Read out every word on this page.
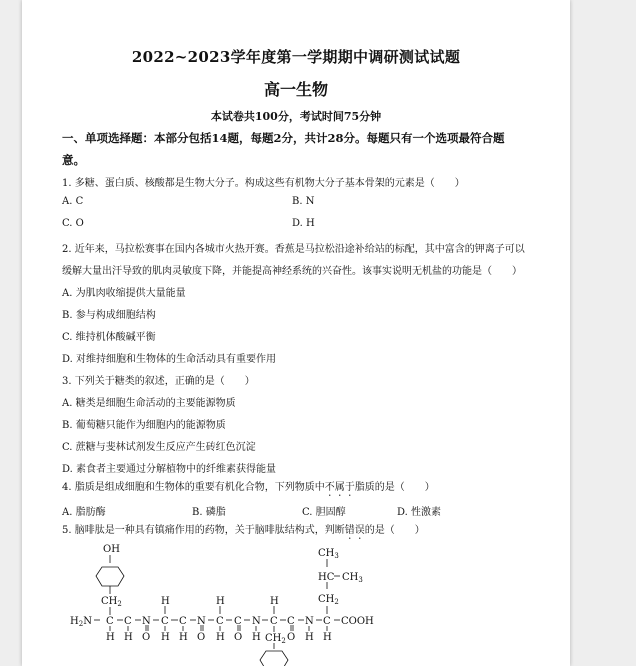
2022~2023学年度第一学期期中调研测试试题
高一生物
本试卷共100分，考试时间75分钟
一、单项选择题：本部分包括14题，每题2分，共计28分。每题只有一个选项最符合题
意。
1. 多糖、蛋白质、核酸都是生物大分子。构成这些有机物大分子基本骨架的元素是（　　）
A. C	B. N
C. O	D. H
2. 近年来，马拉松赛事在国内各城市火热开赛。香蕉是马拉松沿途补给站的标配，其中富含的钾离子可以
缓解大量出汗导致的肌肉灵敏度下降，并能提高神经系统的兴奋性。该事实说明无机盐的功能是（　　）
A. 为肌肉收缩提供大量能量
B. 参与构成细胞结构
C. 维持机体酸碱平衡
D. 对维持细胞和生物体的生命活动具有重要作用
3. 下列关于糖类的叙述，正确的是（　　）
A. 糖类是细胞生命活动的主要能源物质
B. 葡萄糖只能作为细胞内的能源物质
C. 蔗糖与斐林试剂发生反应产生砖红色沉淀
D. 素食者主要通过分解植物中的纤维素获得能量
4. 脂质是组成细胞和生物体的重要有机化合物，下列物质中不属于脂质的是（　　）
A. 脂肪酶	B. 磷脂	C. 胆固醇	D. 性激素
5. 脑啡肽是一种具有镇痛作用的药物，关于脑啡肽结构式，判断错误的是（　　）
OH
$CH_2$
$CH_3$
HC $CH_3$
$CH_2$
H	H	H
$H_2N$ C C N C C N C C N C C N C COOH
H H O H H O H O H $CH_2$ O H H
